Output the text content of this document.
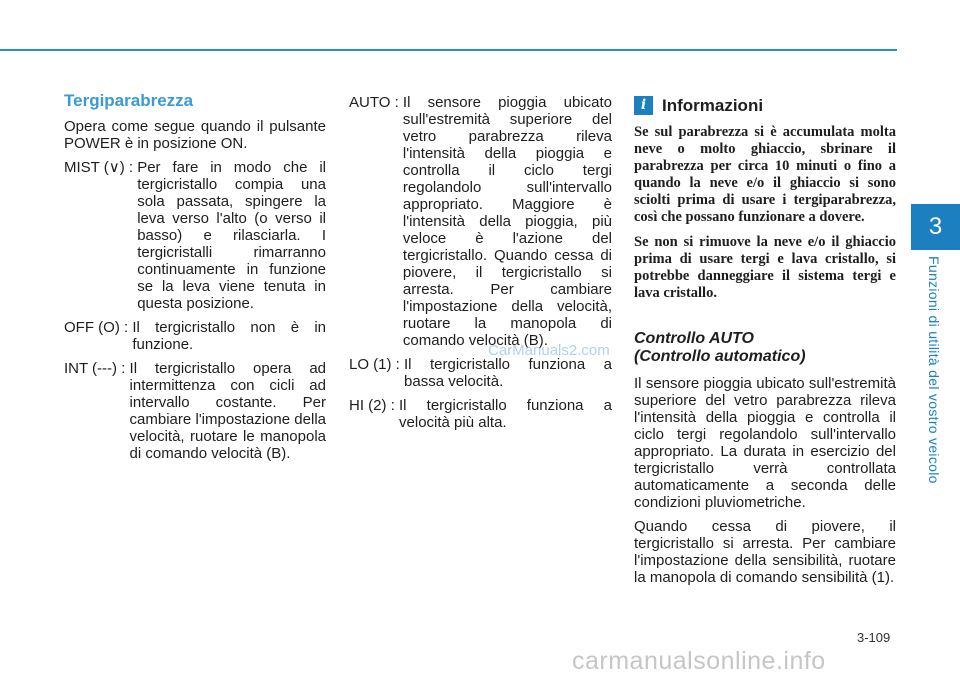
3
Funzioni di utilità del vostro veicolo
Tergiparabrezza

Opera come segue quando il pulsante POWER è in posizione ON.

MIST (∨) : Per fare in modo che il tergicristallo compia una sola passata, spingere la leva verso l'alto (o verso il basso) e rilasciarla. I tergicristalli rimarranno continuamente in funzione se la leva viene tenuta in questa posizione.
OFF (O) : Il tergicristallo non è in funzione.
INT (---) : Il tergicristallo opera ad intermittenza con cicli ad intervallo costante. Per cambiare l'impostazione della velocità, ruotare le manopola di comando velocità (B).
AUTO : Il sensore pioggia ubicato sull'estremità superiore del vetro parabrezza rileva l'intensità della pioggia e controlla il ciclo tergi regolandolo sull'intervallo appropriato. Maggiore è l'intensità della pioggia, più veloce è l'azione del tergicristallo. Quando cessa di piovere, il tergicristallo si arresta. Per cambiare l'impostazione della velocità, ruotare la manopola di comando velocità (B).
LO (1) : Il tergicristallo funziona a bassa velocità.
HI (2) : Il tergicristallo funziona a velocità più alta.
i Informazioni

Se sul parabrezza si è accumulata molta neve o molto ghiaccio, sbrinare il parabrezza per circa 10 minuti o fino a quando la neve e/o il ghiaccio si sono sciolti prima di usare i tergiparabrezza, così che possano funzionare a dovere.

Se non si rimuove la neve e/o il ghiaccio prima di usare tergi e lava cristallo, si potrebbe danneggiare il sistema tergi e lava cristallo.

Controllo AUTO
(Controllo automatico)

Il sensore pioggia ubicato sull'estremità superiore del vetro parabrezza rileva l'intensità della pioggia e controlla il ciclo tergi regolandolo sull'intervallo appropriato. La durata in esercizio del tergicristallo verrà controllata automaticamente a seconda delle condizioni pluviometriche.

Quando cessa di piovere, il tergicristallo si arresta. Per cambiare l'impostazione della sensibilità, ruotare la manopola di comando sensibilità (1).

CarManuals2.com
3-109
carmanualsonline.info
